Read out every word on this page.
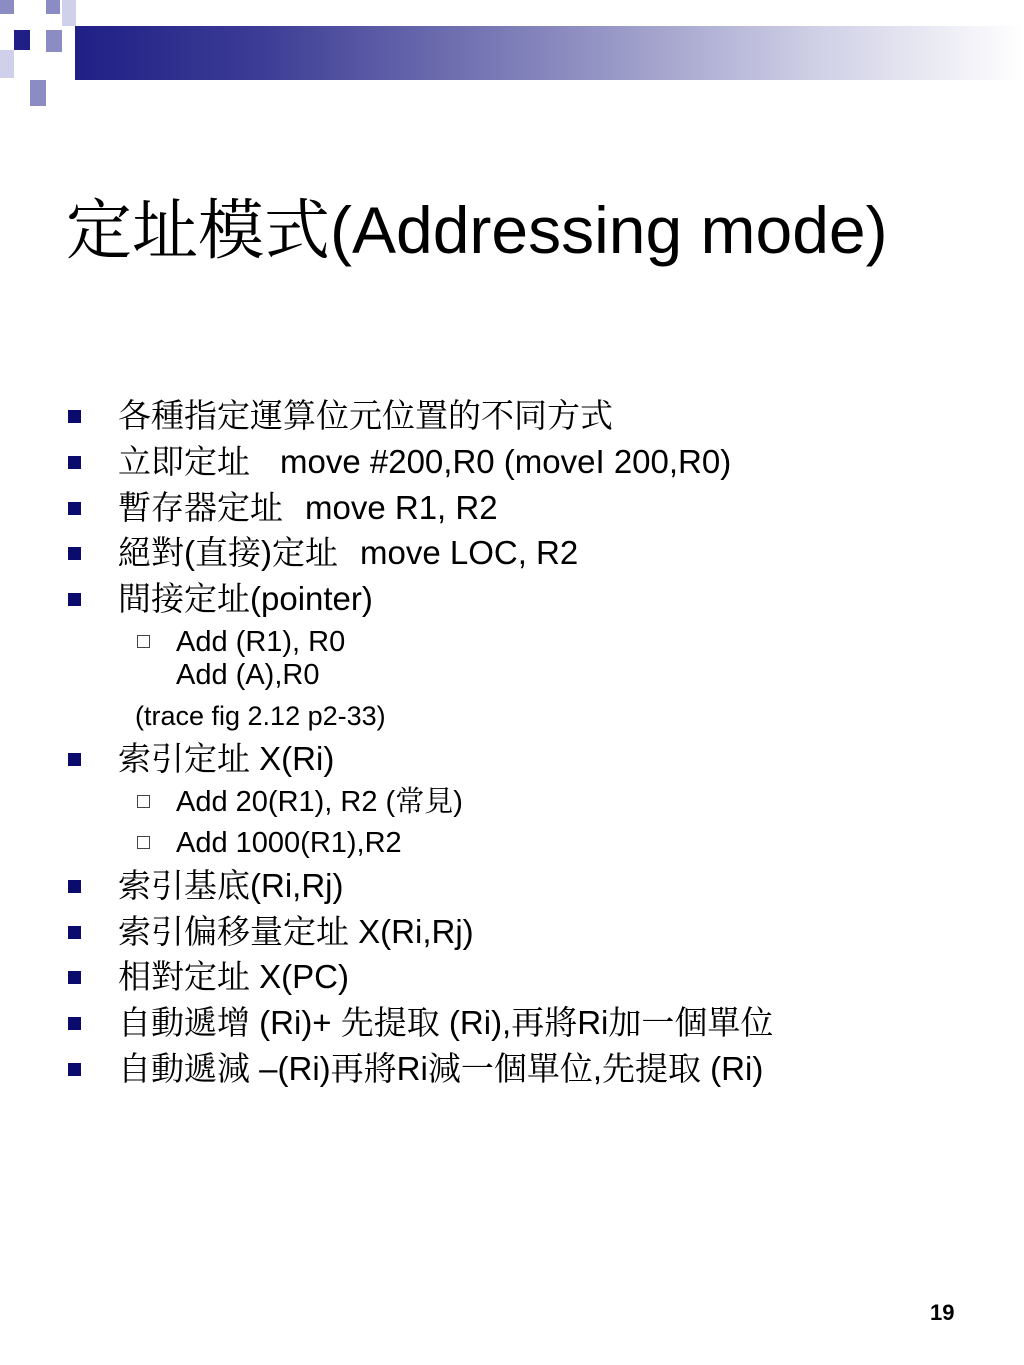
定址模式(Addressing mode)
各種指定運算位元位置的不同方式
立即定址 move #200,R0 (moveI 200,R0)
暫存器定址 move R1, R2
絕對(直接)定址 move LOC, R2
間接定址(pointer)
Add (R1), R0
Add (A),R0
(trace fig 2.12 p2-33)
索引定址 X(Ri)
Add 20(R1), R2 (常見)
Add 1000(R1),R2
索引基底(Ri,Rj)
索引偏移量定址 X(Ri,Rj)
相對定址 X(PC)
自動遞增 (Ri)+ 先提取 (Ri),再將Ri加一個單位
自動遞減 –(Ri)再將Ri減一個單位,先提取 (Ri)
19
